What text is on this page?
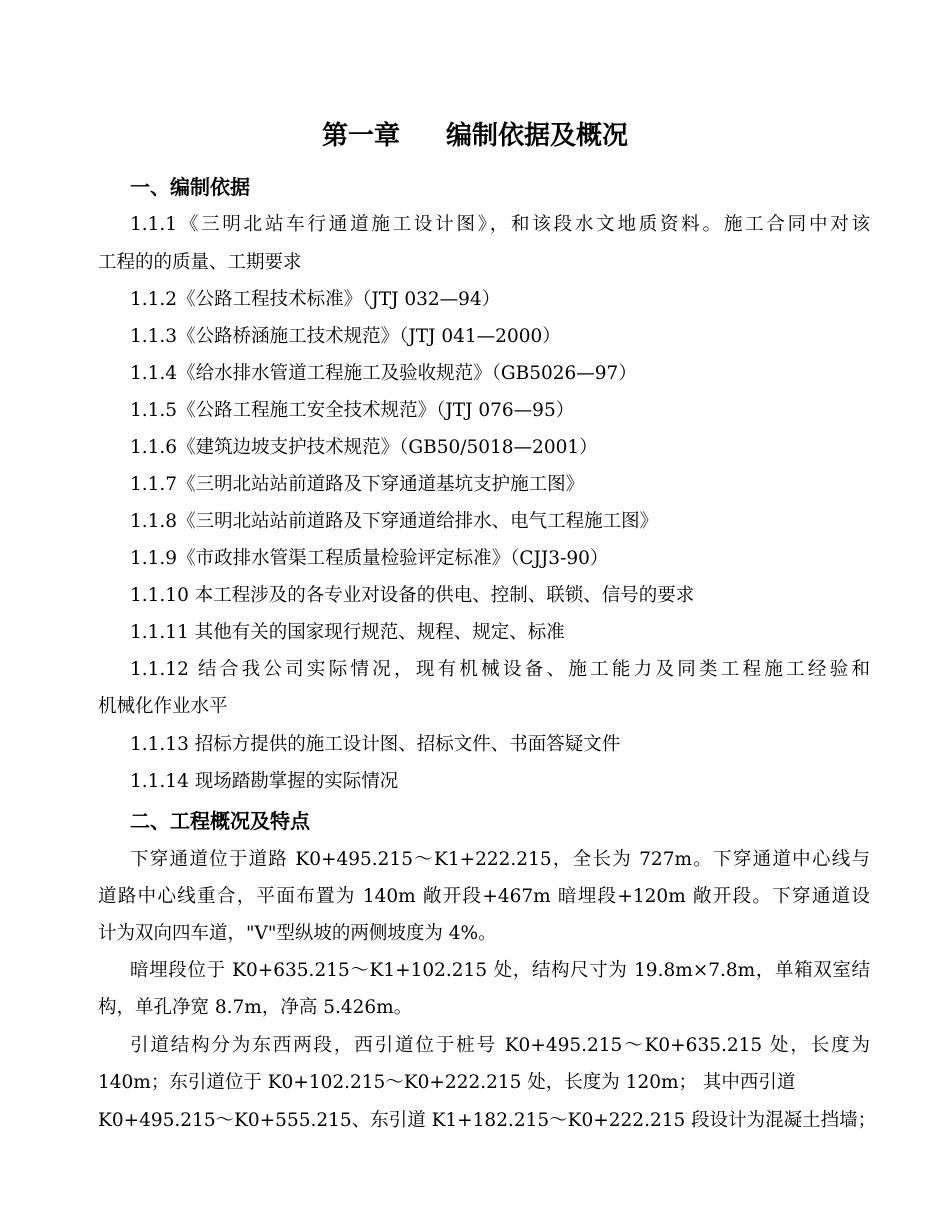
第一章 编制依据及概况
一、编制依据
1.1.1《三明北站车行通道施工设计图》，和该段水文地质资料。施工合同中对该
工程的的质量、工期要求
1.1.2《公路工程技术标准》（JTJ 032—94）
1.1.3《公路桥涵施工技术规范》（JTJ 041—2000）
1.1.4《给水排水管道工程施工及验收规范》（GB5026—97）
1.1.5《公路工程施工安全技术规范》（JTJ 076—95）
1.1.6《建筑边坡支护技术规范》（GB50/5018—2001）
1.1.7《三明北站站前道路及下穿通道基坑支护施工图》
1.1.8《三明北站站前道路及下穿通道给排水、电气工程施工图》
1.1.9《市政排水管渠工程质量检验评定标准》（CJJ3-90）
1.1.10 本工程涉及的各专业对设备的供电、控制、联锁、信号的要求
1.1.11 其他有关的国家现行规范、规程、规定、标准
1.1.12 结合我公司实际情况，现有机械设备、施工能力及同类工程施工经验和
机械化作业水平
1.1.13 招标方提供的施工设计图、招标文件、书面答疑文件
1.1.14 现场踏勘掌握的实际情况
二、工程概况及特点
下穿通道位于道路 K0+495.215～K1+222.215，全长为 727m。下穿通道中心线与
道路中心线重合，平面布置为 140m 敞开段+467m 暗埋段+120m 敞开段。下穿通道设
计为双向四车道，"V"型纵坡的两侧坡度为 4%。
暗埋段位于 K0+635.215～K1+102.215 处，结构尺寸为 19.8m×7.8m，单箱双室结
构，单孔净宽 8.7m，净高 5.426m。
引道结构分为东西两段，西引道位于桩号 K0+495.215～K0+635.215 处，长度为
140m；东引道位于 K0+102.215～K0+222.215 处，长度为 120m； 其中西引道
K0+495.215～K0+555.215、东引道 K1+182.215～K0+222.215 段设计为混凝土挡墙；
